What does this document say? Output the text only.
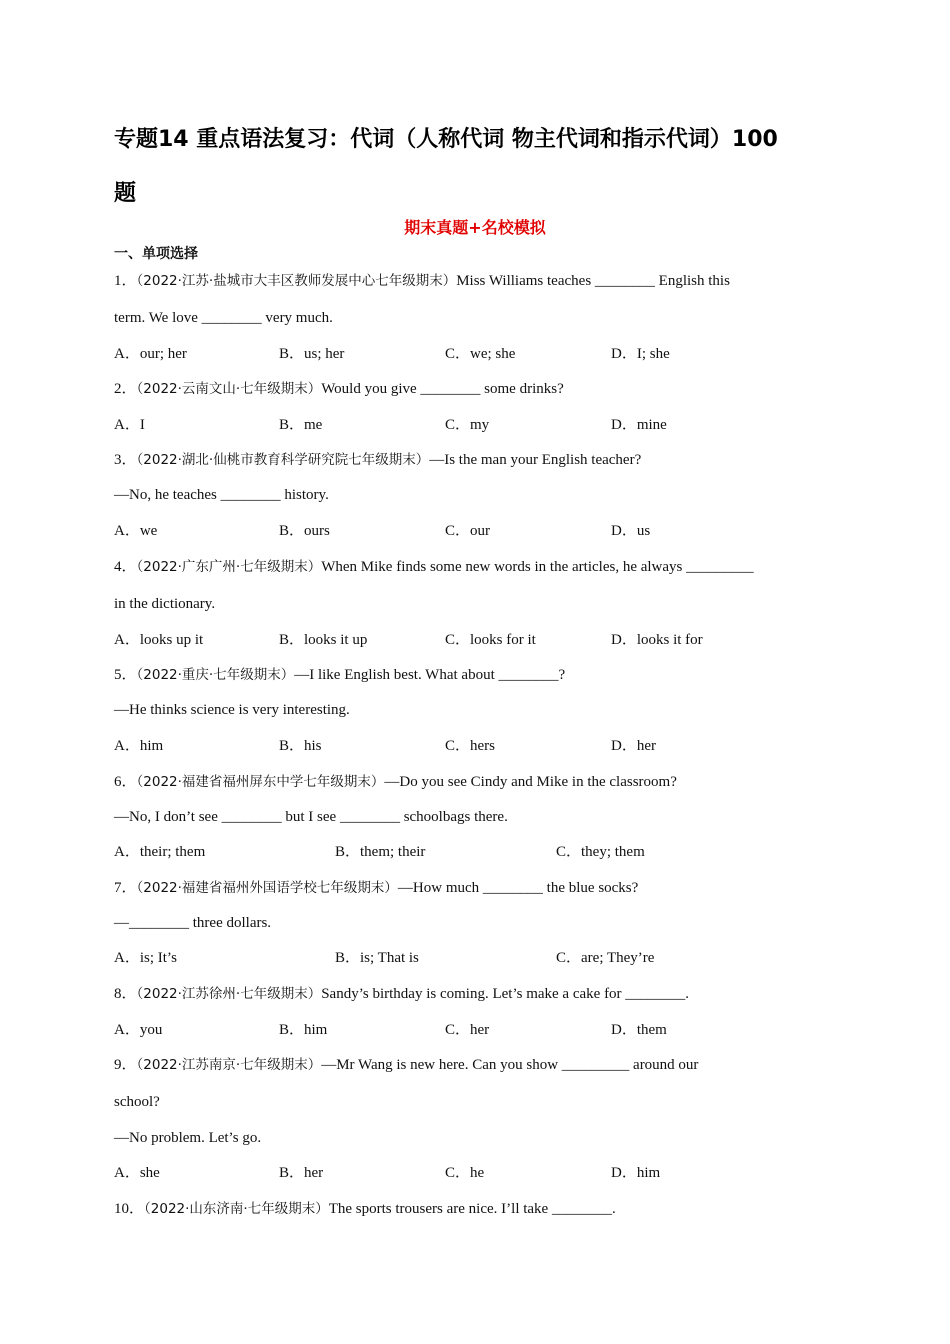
专题14 重点语法复习：代词（人称代词 物主代词和指示代词）100
题
期末真题+名校模拟
一、单项选择
1．（2022·江苏·盐城市大丰区教师发展中心七年级期末）Miss Williams teaches ________ English this
term. We love ________ very much.
A．our; her	B．us; her	C．we; she	D．I; she
2．（2022·云南文山·七年级期末）Would you give ________ some drinks?
A．I	B．me	C．my	D．mine
3．（2022·湖北·仙桃市教育科学研究院七年级期末）—Is the man your English teacher?
—No, he teaches ________ history.
A．we	B．ours	C．our	D．us
4．（2022·广东广州·七年级期末）When Mike finds some new words in the articles, he always _________
in the dictionary.
A．looks up it	B．looks it up	C．looks for it	D．looks it for
5．（2022·重庆·七年级期末）—I like English best. What about ________?
—He thinks science is very interesting.
A．him	B．his	C．hers	D．her
6．（2022·福建省福州屏东中学七年级期末）—Do you see Cindy and Mike in the classroom?
—No, I don’t see ________ but I see ________ schoolbags there.
A．their; them	B．them; their	C．they; them
7．（2022·福建省福州外国语学校七年级期末）—How much ________ the blue socks?
—________ three dollars.
A．is; It’s	B．is; That is	C．are; They’re
8．（2022·江苏徐州·七年级期末）Sandy’s birthday is coming. Let’s make a cake for ________.
A．you	B．him	C．her	D．them
9．（2022·江苏南京·七年级期末）—Mr Wang is new here. Can you show _________ around our
school?
—No problem. Let’s go.
A．she	B．her	C．he	D．him
10．（2022·山东济南·七年级期末）The sports trousers are nice. I’ll take ________.
